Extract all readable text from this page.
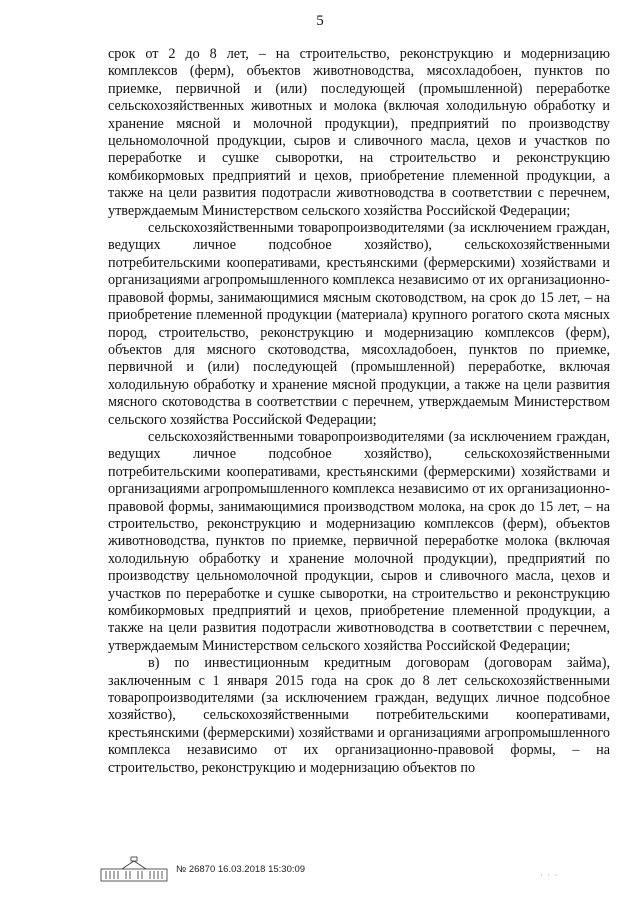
5

срок от 2 до 8 лет, – на строительство, реконструкцию и модернизацию комплексов (ферм), объектов животноводства, мясохладобоен, пунктов по приемке, первичной и (или) последующей (промышленной) переработке сельскохозяйственных животных и молока (включая холодильную обработку и хранение мясной и молочной продукции), предприятий по производству цельномолочной продукции, сыров и сливочного масла, цехов и участков по переработке и сушке сыворотки, на строительство и реконструкцию комбикормовых предприятий и цехов, приобретение племенной продукции, а также на цели развития подотрасли животноводства в соответствии с перечнем, утверждаемым Министерством сельского хозяйства Российской Федерации;

сельскохозяйственными товаропроизводителями (за исключением граждан, ведущих личное подсобное хозяйство), сельскохозяйственными потребительскими кооперативами, крестьянскими (фермерскими) хозяйствами и организациями агропромышленного комплекса независимо от их организационно-правовой формы, занимающимися мясным скотоводством, на срок до 15 лет, – на приобретение племенной продукции (материала) крупного рогатого скота мясных пород, строительство, реконструкцию и модернизацию комплексов (ферм), объектов для мясного скотоводства, мясохладобоен, пунктов по приемке, первичной и (или) последующей (промышленной) переработке, включая холодильную обработку и хранение мясной продукции, а также на цели развития мясного скотоводства в соответствии с перечнем, утверждаемым Министерством сельского хозяйства Российской Федерации;

сельскохозяйственными товаропроизводителями (за исключением граждан, ведущих личное подсобное хозяйство), сельскохозяйственными потребительскими кооперативами, крестьянскими (фермерскими) хозяйствами и организациями агропромышленного комплекса независимо от их организационно-правовой формы, занимающимися производством молока, на срок до 15 лет, – на строительство, реконструкцию и модернизацию комплексов (ферм), объектов животноводства, пунктов по приемке, первичной переработке молока (включая холодильную обработку и хранение молочной продукции), предприятий по производству цельномолочной продукции, сыров и сливочного масла, цехов и участков по переработке и сушке сыворотки, на строительство и реконструкцию комбикормовых предприятий и цехов, приобретение племенной продукции, а также на цели развития подотрасли животноводства в соответствии с перечнем, утверждаемым Министерством сельского хозяйства Российской Федерации;

в) по инвестиционным кредитным договорам (договорам займа), заключенным с 1 января 2015 года на срок до 8 лет сельскохозяйственными товаропроизводителями (за исключением граждан, ведущих личное подсобное хозяйство), сельскохозяйственными потребительскими кооперативами, крестьянскими (фермерскими) хозяйствами и организациями агропромышленного комплекса независимо от их организационно-правовой формы, – на строительство, реконструкцию и модернизацию объектов по

№ 26870 16.03.2018 15:30:09
· · ·
